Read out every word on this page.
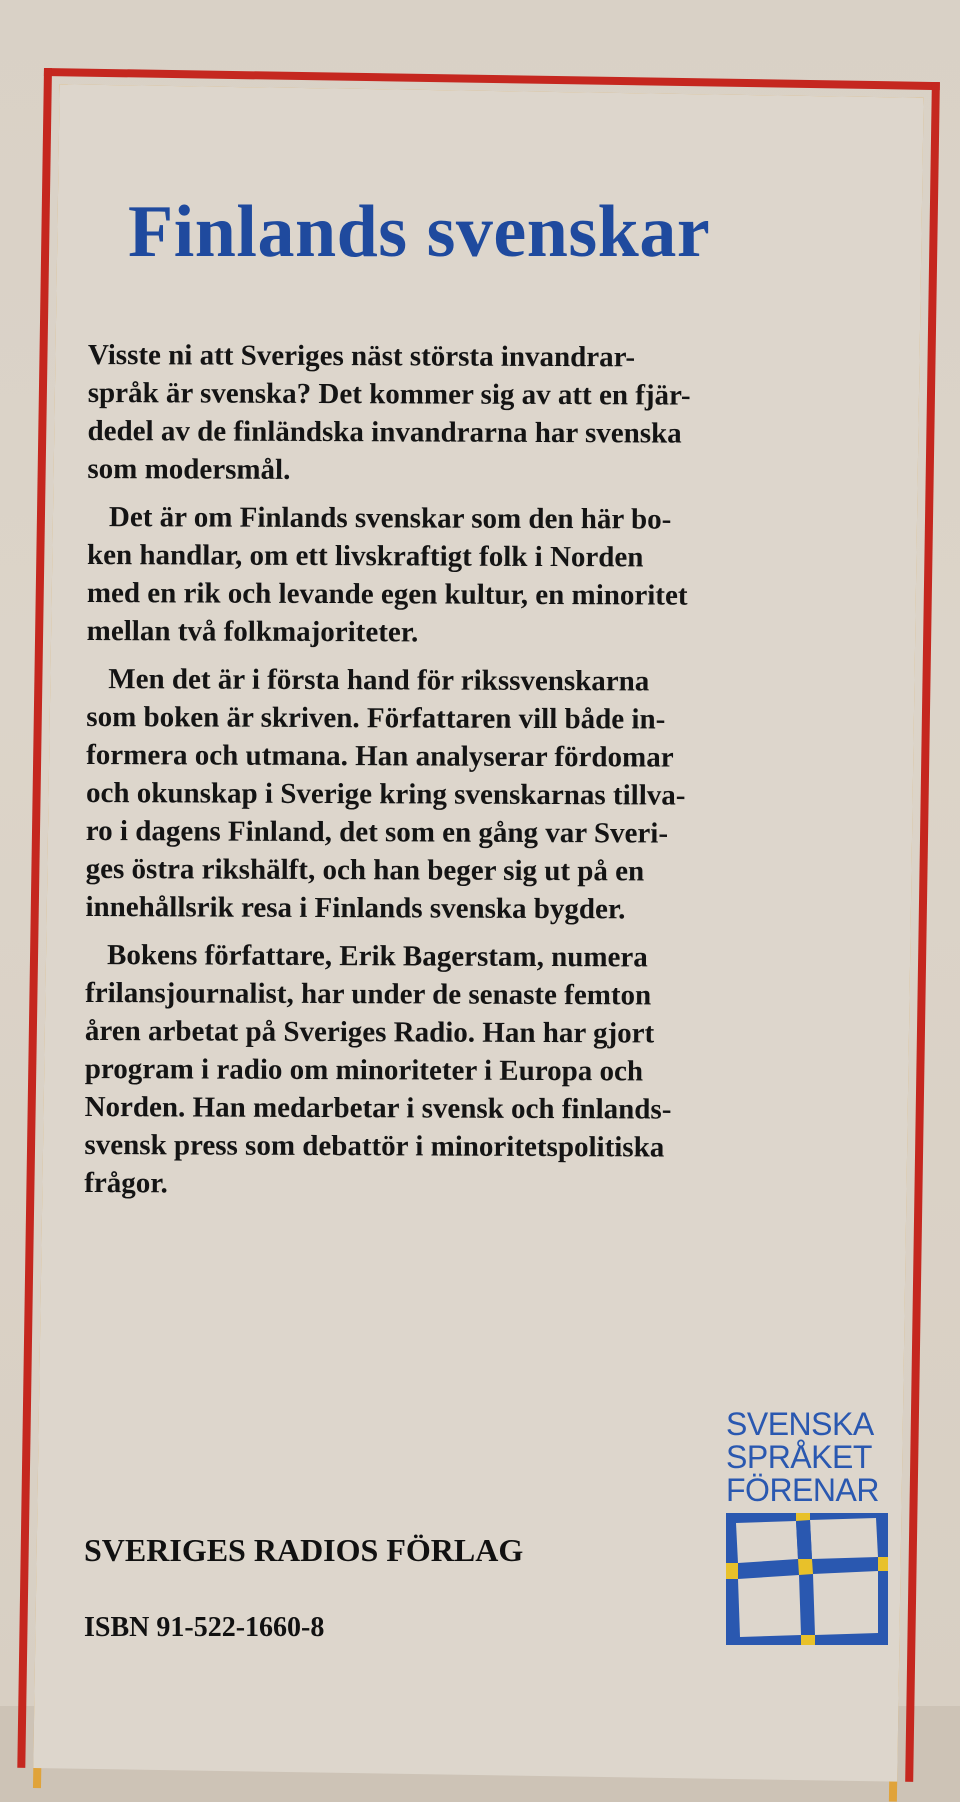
Finlands svenskar

Visste ni att Sveriges näst största invandrar-
språk är svenska? Det kommer sig av att en fjär-
dedel av de finländska invandrarna har svenska
som modersmål.

Det är om Finlands svenskar som den här bo-
ken handlar, om ett livskraftigt folk i Norden
med en rik och levande egen kultur, en minoritet
mellan två folkmajoriteter.

Men det är i första hand för rikssvenskarna
som boken är skriven. Författaren vill både in-
formera och utmana. Han analyserar fördomar
och okunskap i Sverige kring svenskarnas tillva-
ro i dagens Finland, det som en gång var Sveri-
ges östra rikshälft, och han beger sig ut på en
innehållsrik resa i Finlands svenska bygder.

Bokens författare, Erik Bagerstam, numera
frilansjournalist, har under de senaste femton
åren arbetat på Sveriges Radio. Han har gjort
program i radio om minoriteter i Europa och
Norden. Han medarbetar i svensk och finlands-
svensk press som debattör i minoritetspolitiska
frågor.

SVERIGES RADIOS FÖRLAG
ISBN 91-522-1660-8
SVENSKA
SPRÅKET
FÖRENAR
